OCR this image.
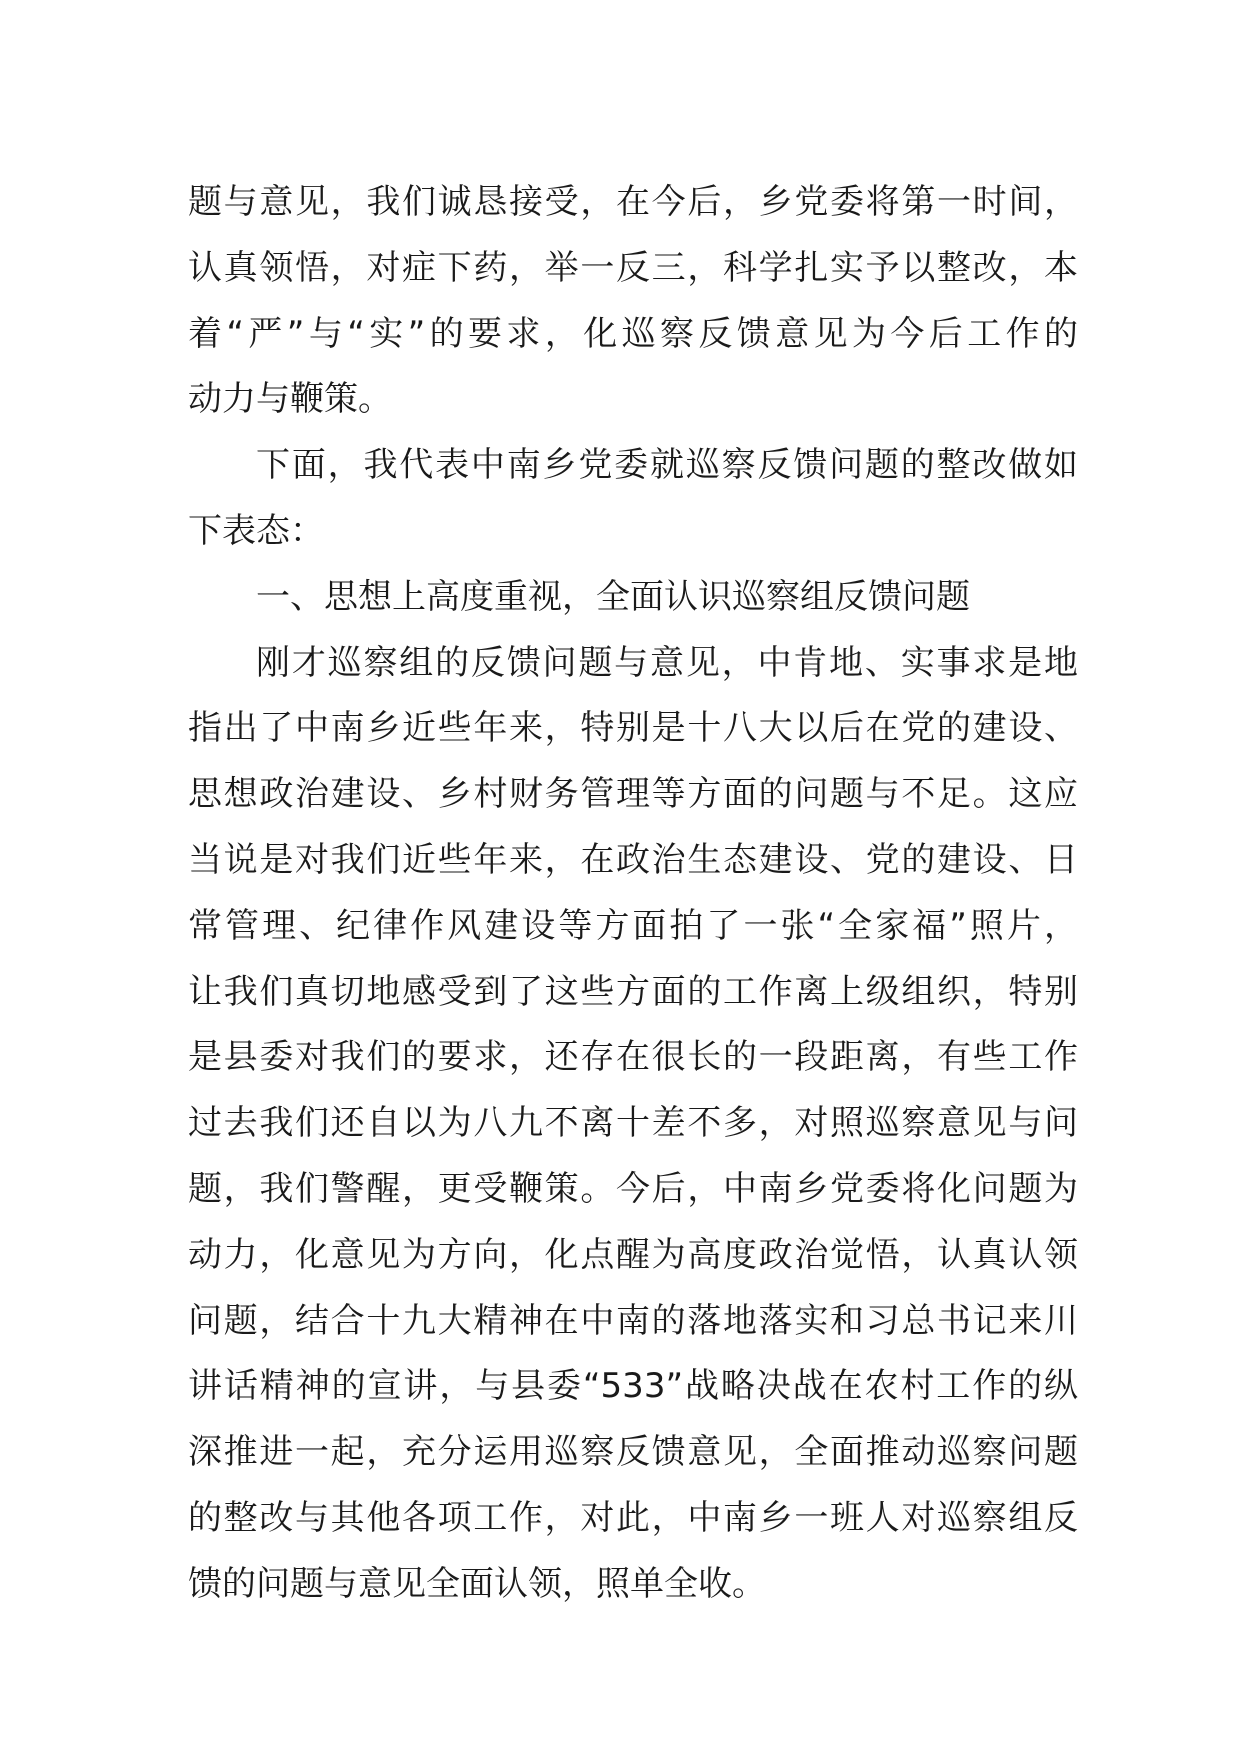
题与意见，我们诚恳接受，在今后，乡党委将第一时间，
认真领悟，对症下药，举一反三，科学扎实予以整改，本
着“严”与“实”的要求，化巡察反馈意见为今后工作的
动力与鞭策。
下面，我代表中南乡党委就巡察反馈问题的整改做如
下表态：
一、思想上高度重视，全面认识巡察组反馈问题
刚才巡察组的反馈问题与意见，中肯地、实事求是地
指出了中南乡近些年来，特别是十八大以后在党的建设、
思想政治建设、乡村财务管理等方面的问题与不足。这应
当说是对我们近些年来，在政治生态建设、党的建设、日
常管理、纪律作风建设等方面拍了一张“全家福”照片，
让我们真切地感受到了这些方面的工作离上级组织，特别
是县委对我们的要求，还存在很长的一段距离，有些工作
过去我们还自以为八九不离十差不多，对照巡察意见与问
题，我们警醒，更受鞭策。今后，中南乡党委将化问题为
动力，化意见为方向，化点醒为高度政治觉悟，认真认领
问题，结合十九大精神在中南的落地落实和习总书记来川
讲话精神的宣讲，与县委“533”战略决战在农村工作的纵
深推进一起，充分运用巡察反馈意见，全面推动巡察问题
的整改与其他各项工作，对此，中南乡一班人对巡察组反
馈的问题与意见全面认领，照单全收。
